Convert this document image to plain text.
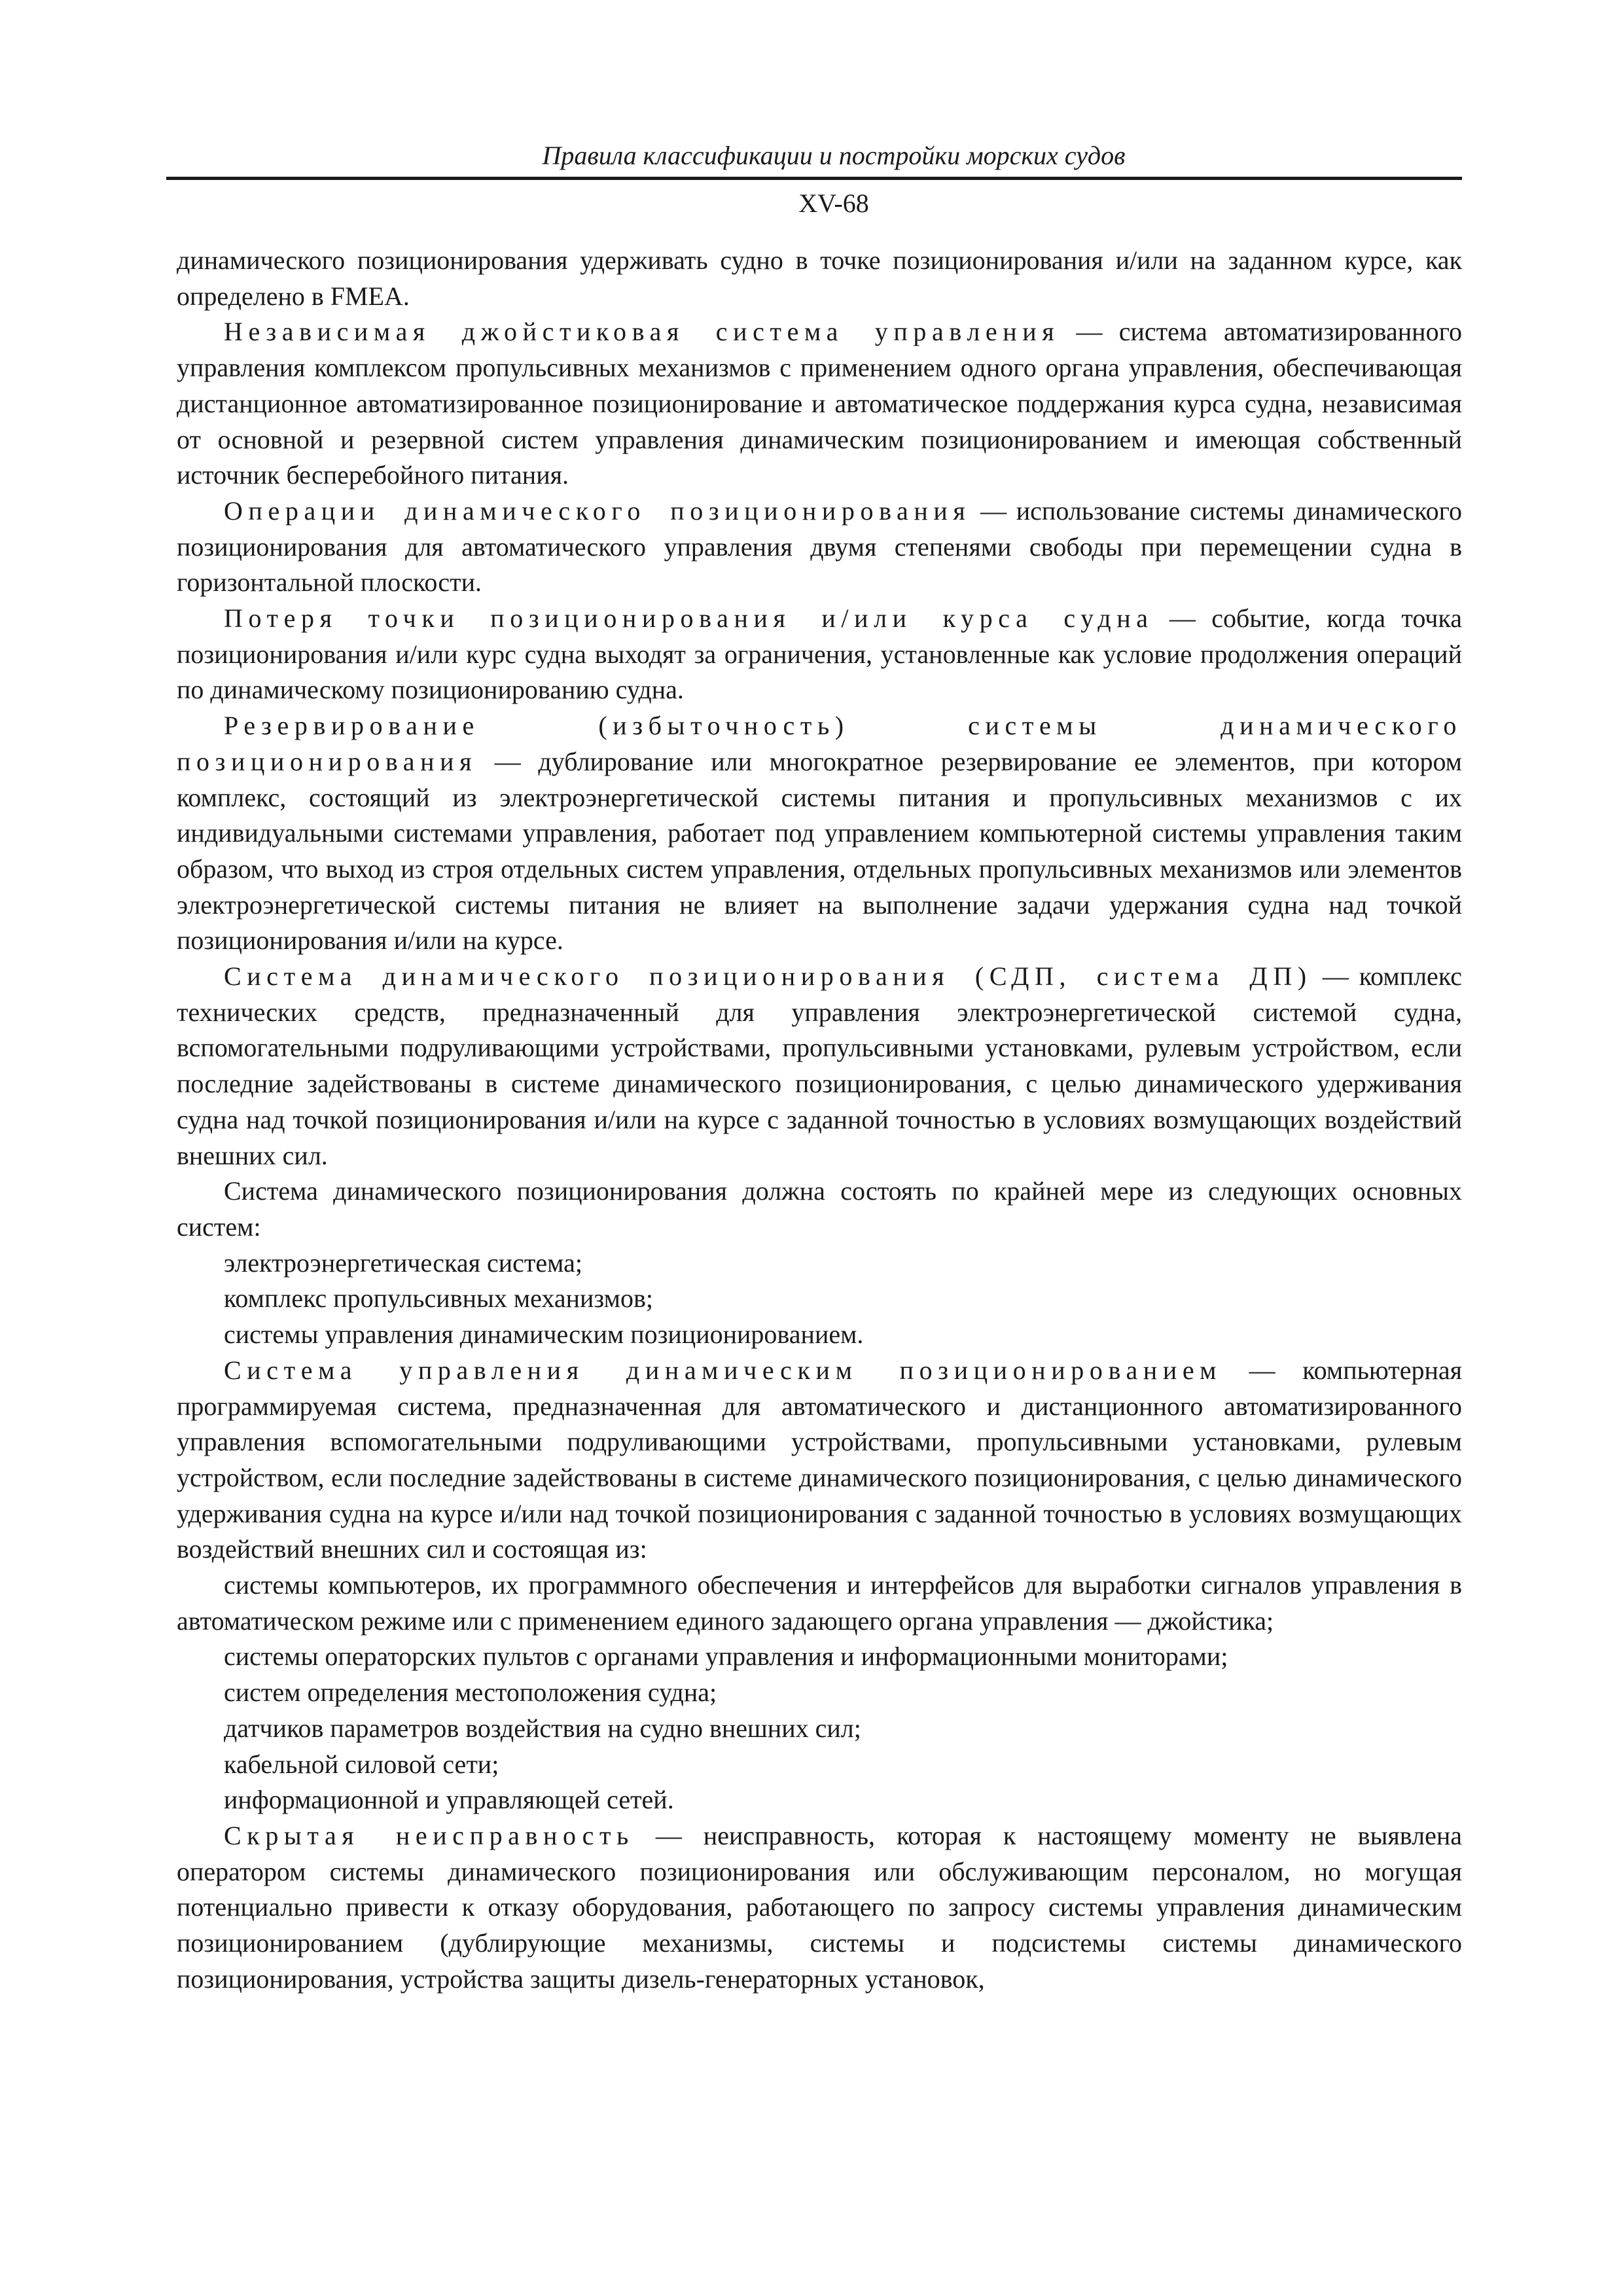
Правила классификации и постройки морских судов
XV-68

динамического позиционирования удерживать судно в точке позиционирования и/или на заданном курсе, как определено в FMEA.

Независимая джойстиковая система управления — система автоматизированного управления комплексом пропульсивных механизмов с применением одного органа управления, обеспечивающая дистанционное автоматизированное позиционирование и автоматическое поддержания курса судна, независимая от основной и резервной систем управления динамическим позиционированием и имеющая собственный источник бесперебойного питания.

Операции динамического позиционирования — использование системы динамического позиционирования для автоматического управления двумя степенями свободы при перемещении судна в горизонтальной плоскости.

Потеря точки позиционирования и/или курса судна — событие, когда точка позиционирования и/или курс судна выходят за ограничения, установленные как условие продолжения операций по динамическому позиционированию судна.

Резервирование (избыточность) системы динамического позиционирования — дублирование или многократное резервирование ее элементов, при котором комплекс, состоящий из электроэнергетической системы питания и пропульсивных механизмов с их индивидуальными системами управления, работает под управлением компьютерной системы управления таким образом, что выход из строя отдельных систем управления, отдельных пропульсивных механизмов или элементов электроэнергетической системы питания не влияет на выполнение задачи удержания судна над точкой позиционирования и/или на курсе.

Система динамического позиционирования (СДП, система ДП) — комплекс технических средств, предназначенный для управления электроэнергетической системой судна, вспомогательными подруливающими устройствами, пропульсивными установками, рулевым устройством, если последние задействованы в системе динамического позиционирования, с целью динамического удерживания судна над точкой позиционирования и/или на курсе с заданной точностью в условиях возмущающих воздействий внешних сил.

Система динамического позиционирования должна состоять по крайней мере из следующих основных систем:

электроэнергетическая система;

комплекс пропульсивных механизмов;

системы управления динамическим позиционированием.

Система управления динамическим позиционированием — компьютерная программируемая система, предназначенная для автоматического и дистанционного автоматизированного управления вспомогательными подруливающими устройствами, пропульсивными установками, рулевым устройством, если последние задействованы в системе динамического позиционирования, с целью динамического удерживания судна на курсе и/или над точкой позиционирования с заданной точностью в условиях возмущающих воздействий внешних сил и состоящая из:

системы компьютеров, их программного обеспечения и интерфейсов для выработки сигналов управления в автоматическом режиме или с применением единого задающего органа управления — джойстика;

системы операторских пультов с органами управления и информационными мониторами;

систем определения местоположения судна;

датчиков параметров воздействия на судно внешних сил;

кабельной силовой сети;

информационной и управляющей сетей.

Скрытая неисправность — неисправность, которая к настоящему моменту не выявлена оператором системы динамического позиционирования или обслуживающим персоналом, но могущая потенциально привести к отказу оборудования, работающего по запросу системы управления динамическим позиционированием (дублирующие механизмы, системы и подсистемы системы динамического позиционирования, устройства защиты дизель-генераторных установок,
